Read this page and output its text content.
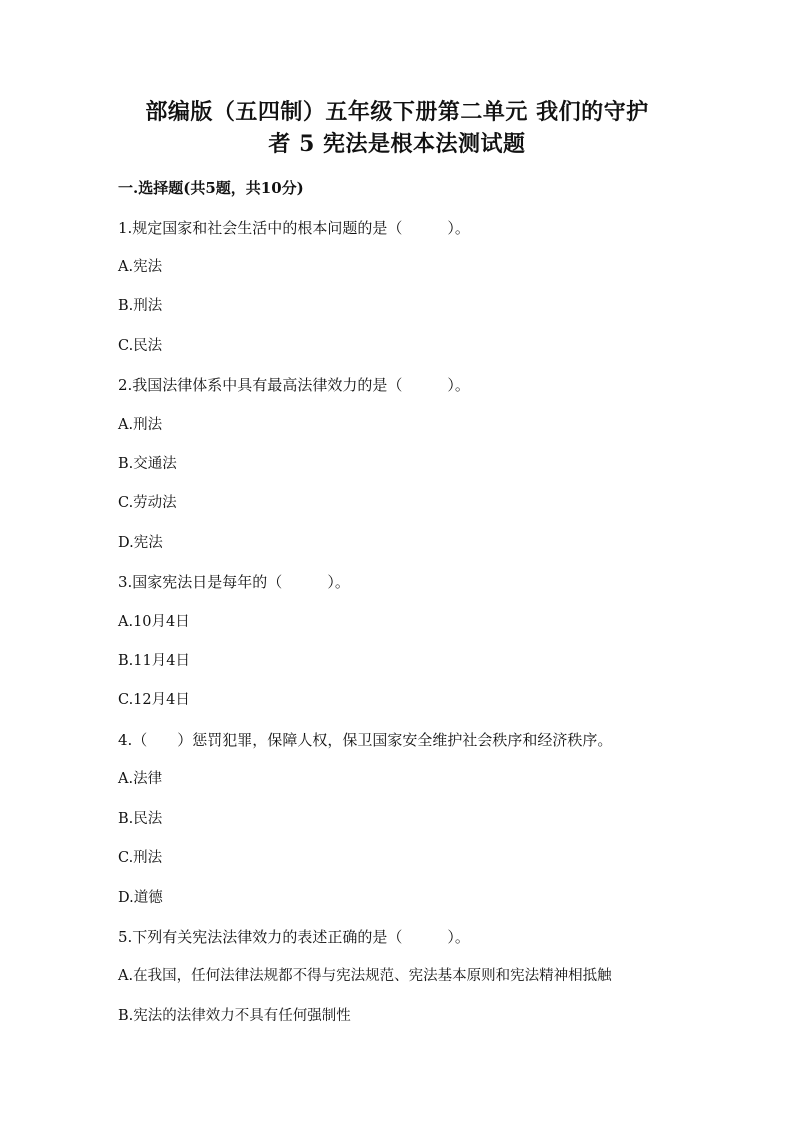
部编版（五四制）五年级下册第二单元 我们的守护
者 5 宪法是根本法测试题
一.选择题(共5题，共10分)
1.规定国家和社会生活中的根本问题的是（　　　）。
A.宪法
B.刑法
C.民法
2.我国法律体系中具有最高法律效力的是（　　　）。
A.刑法
B.交通法
C.劳动法
D.宪法
3.国家宪法日是每年的（　　　）。
A.10月4日
B.11月4日
C.12月4日
4.（　　）惩罚犯罪，保障人权，保卫国家安全维护社会秩序和经济秩序。
A.法律
B.民法
C.刑法
D.道德
5.下列有关宪法法律效力的表述正确的是（　　　）。
A.在我国，任何法律法规都不得与宪法规范、宪法基本原则和宪法精神相抵触
B.宪法的法律效力不具有任何强制性
